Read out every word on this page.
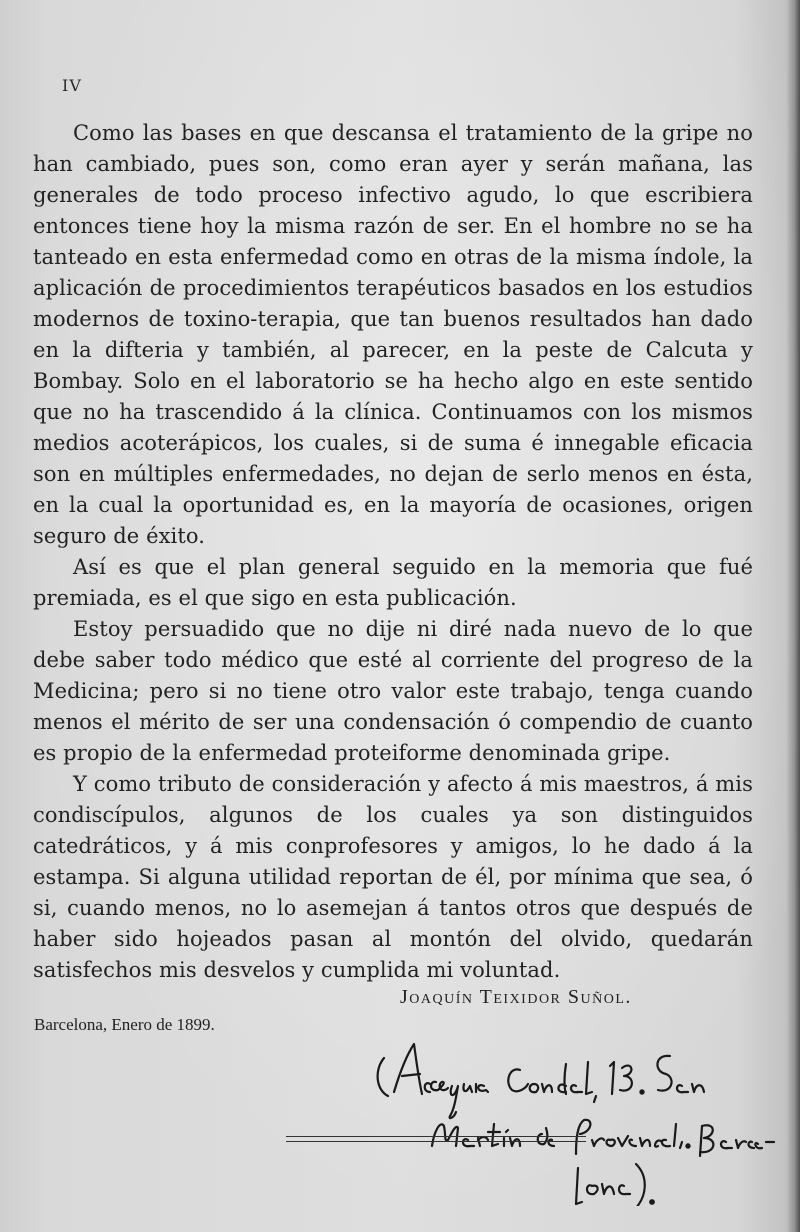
IV

Como las bases en que descansa el tratamiento de la gripe no han cambiado, pues son, como eran ayer y serán mañana, las generales de todo proceso infectivo agudo, lo que escribiera entonces tiene hoy la misma razón de ser. En el hombre no se ha tanteado en esta enfermedad como en otras de la misma índole, la aplicación de procedimientos terapéuticos basados en los estudios modernos de toxino-terapia, que tan buenos resultados han dado en la difteria y también, al parecer, en la peste de Calcuta y Bombay. Solo en el laboratorio se ha hecho algo en este sentido que no ha trascendido á la clínica. Continuamos con los mismos medios acoterápicos, los cuales, si de suma é innegable eficacia son en múltiples enfermedades, no dejan de serlo menos en ésta, en la cual la oportunidad es, en la mayoría de ocasiones, origen seguro de éxito.

Así es que el plan general seguido en la memoria que fué premiada, es el que sigo en esta publicación.

Estoy persuadido que no dije ni diré nada nuevo de lo que debe saber todo médico que esté al corriente del progreso de la Medicina; pero si no tiene otro valor este trabajo, tenga cuando menos el mérito de ser una condensación ó compendio de cuanto es propio de la enfermedad proteiforme denominada gripe.

Y como tributo de consideración y afecto á mis maestros, á mis condiscípulos, algunos de los cuales ya son distinguidos catedráticos, y á mis conprofesores y amigos, lo he dado á la estampa. Si alguna utilidad reportan de él, por mínima que sea, ó si, cuando menos, no lo asemejan á tantos otros que después de haber sido hojeados pasan al montón del olvido, quedarán satisfechos mis desvelos y cumplida mi voluntad.

Joaquín Teixidor Suñol.
Barcelona, Enero de 1899.
